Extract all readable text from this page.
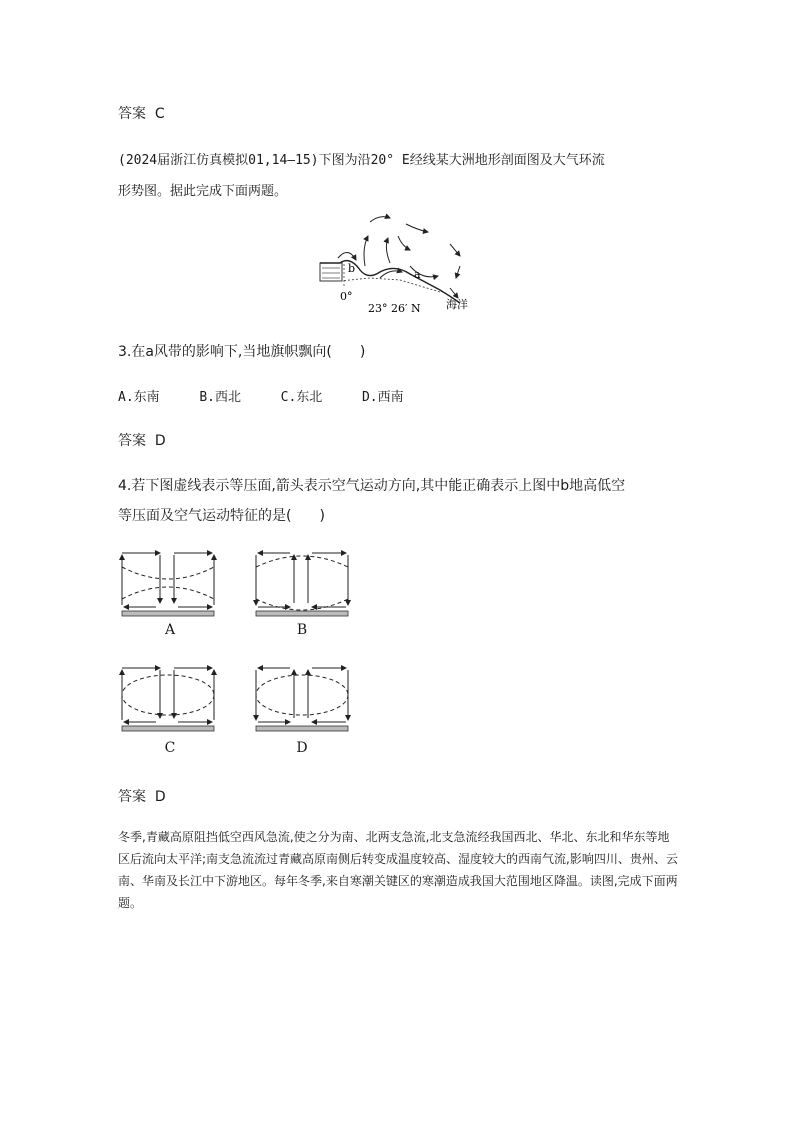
答案 C
(2024届浙江仿真模拟01,14—15)下图为沿20° E经线某大洲地形剖面图及大气环流
形势图。据此完成下面两题。
b	a
0°
23° 26′ N 海洋
3.在a风带的影响下,当地旗帜飘向(　　)
A.东南	B.西北	C.东北	D.西南
答案 D
4.若下图虚线表示等压面,箭头表示空气运动方向,其中能正确表示上图中b地高低空
等压面及空气运动特征的是(　　)
A	B
C	D
答案 D
冬季,青藏高原阻挡低空西风急流,使之分为南、北两支急流,北支急流经我国西北、华北、东北和华东等地区后流向太平洋;南支急流流过青藏高原南侧后转变成温度较高、湿度较大的西南气流,影响四川、贵州、云南、华南及长江中下游地区。每年冬季,来自寒潮关键区的寒潮造成我国大范围地区降温。读图,完成下面两题。
